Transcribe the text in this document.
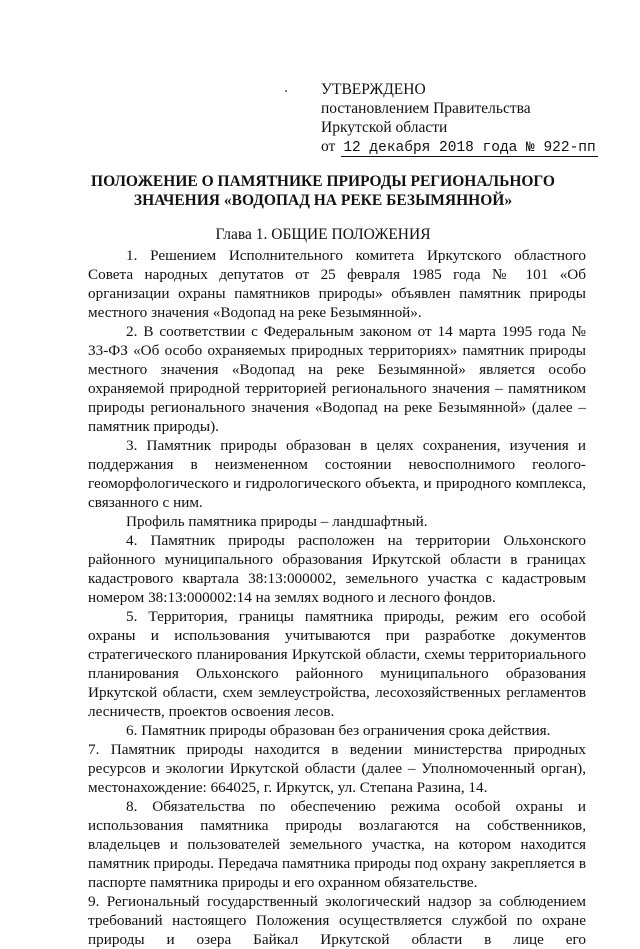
УТВЕРЖДЕНО
постановлением Правительства
Иркутской области
от 12 декабря 2018 года № 922-пп
ПОЛОЖЕНИЕ О ПАМЯТНИКЕ ПРИРОДЫ РЕГИОНАЛЬНОГО
ЗНАЧЕНИЯ «ВОДОПАД НА РЕКЕ БЕЗЫМЯННОЙ»
Глава 1. ОБЩИЕ ПОЛОЖЕНИЯ

1. Решением Исполнительного комитета Иркутского областного Совета народных депутатов от 25 февраля 1985 года № 101 «Об организации охраны памятников природы» объявлен памятник природы местного значения «Водопад на реке Безымянной».

2. В соответствии с Федеральным законом от 14 марта 1995 года № 33-ФЗ «Об особо охраняемых природных территориях» памятник природы местного значения «Водопад на реке Безымянной» является особо охраняемой природной территорией регионального значения – памятником природы регионального значения «Водопад на реке Безымянной» (далее – памятник природы).

3. Памятник природы образован в целях сохранения, изучения и поддержания в неизмененном состоянии невосполнимого геолого-геоморфологического и гидрологического объекта, и природного комплекса, связанного с ним.

Профиль памятника природы – ландшафтный.

4. Памятник природы расположен на территории Ольхонского районного муниципального образования Иркутской области в границах кадастрового квартала 38:13:000002, земельного участка с кадастровым номером 38:13:000002:14 на землях водного и лесного фондов.

5. Территория, границы памятника природы, режим его особой охраны и использования учитываются при разработке документов стратегического планирования Иркутской области, схемы территориального планирования Ольхонского районного муниципального образования Иркутской области, схем землеустройства, лесохозяйственных регламентов лесничеств, проектов освоения лесов.

6. Памятник природы образован без ограничения срока действия.

7. Памятник природы находится в ведении министерства природных ресурсов и экологии Иркутской области (далее – Уполномоченный орган), местонахождение: 664025, г. Иркутск, ул. Степана Разина, 14.

8. Обязательства по обеспечению режима особой охраны и использования памятника природы возлагаются на собственников, владельцев и пользователей земельного участка, на котором находится памятник природы. Передача памятника природы под охрану закрепляется в паспорте памятника природы и его охранном обязательстве.

9. Региональный государственный экологический надзор за соблюдением требований настоящего Положения осуществляется службой по охране природы и озера Байкал Иркутской области в лице его
